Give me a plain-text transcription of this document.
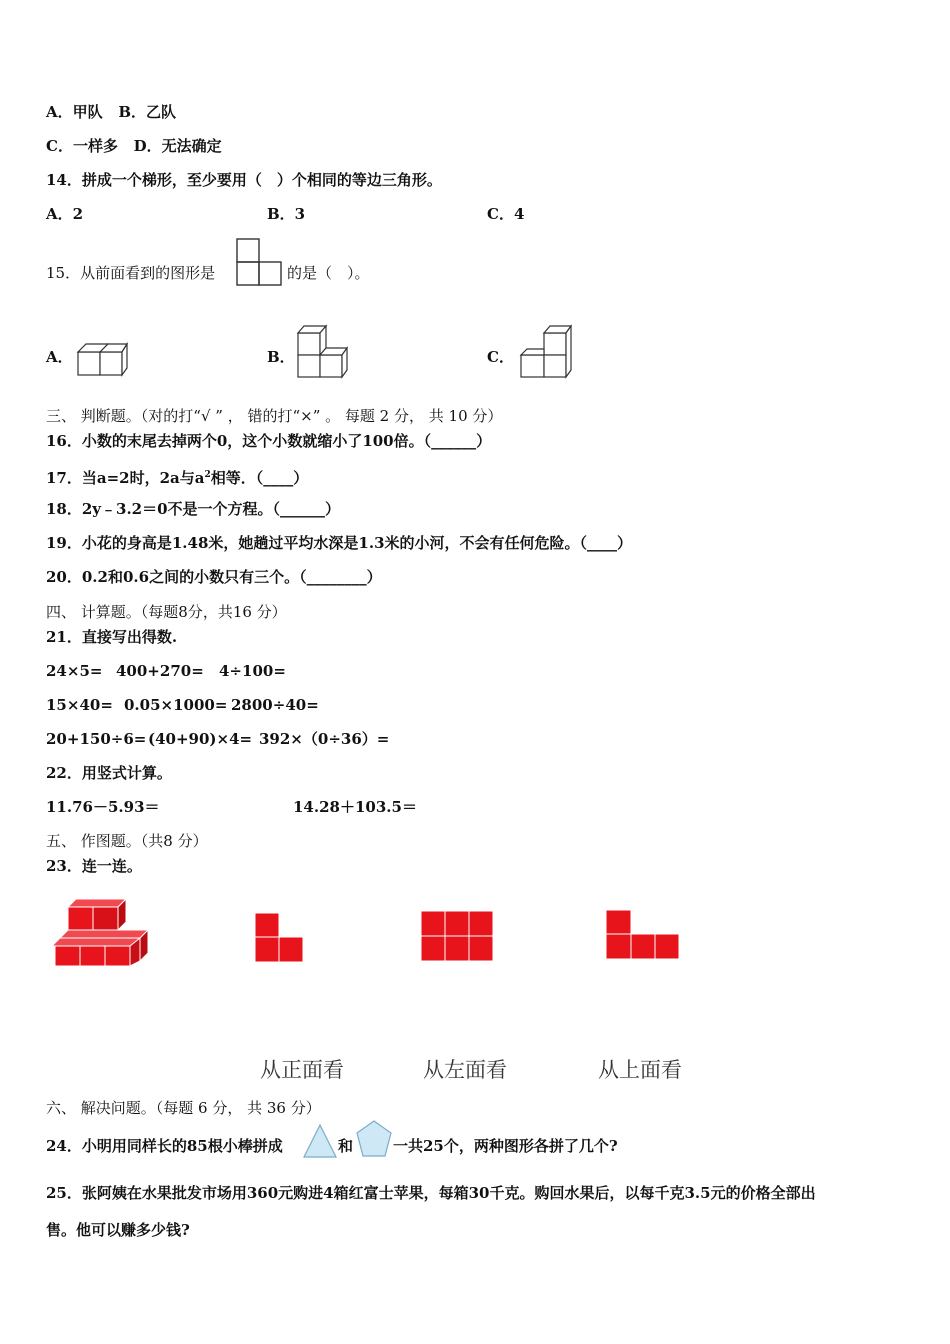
A．甲队 B．乙队
C．一样多 D．无法确定
14．拼成一个梯形，至少要用（　）个相同的等边三角形。
A．2	B．3	C．4
15．从前面看到的图形是	的是（　）。
A．	B．	C．
三、 判断题。（对的打“√ ” ， 错的打“×” 。 每题 2 分， 共 10 分）
16．小数的末尾去掉两个0，这个小数就缩小了100倍。（______）
17．当a=2时，2a与$a^2$相等．（____）
18．2y﹣3.2＝0不是一个方程。（______）
19．小花的身高是1.48米，她趟过平均水深是1.3米的小河，不会有任何危险。（____）
20．0.2和0.6之间的小数只有三个。（________）
四、 计算题。（每题8分，共16 分）
21．直接写出得数.
24×5= 400+270= 4÷100=
15×40= 0.05×1000= 2800÷40=
20+150÷6= (40+90)×4= 392×（0÷36）=
22．用竖式计算。
11.76－5.93＝	14.28＋103.5＝
五、 作图题。（共8 分）
23．连一连。
从正面看	从左面看	从上面看
六、 解决问题。（每题 6 分， 共 36 分）
24．小明用同样长的85根小棒拼成	和	一共25个，两种图形各拼了几个?
25．张阿姨在水果批发市场用360元购进4箱红富士苹果，每箱30千克。购回水果后，以每千克3.5元的价格全部出
售。他可以赚多少钱?
